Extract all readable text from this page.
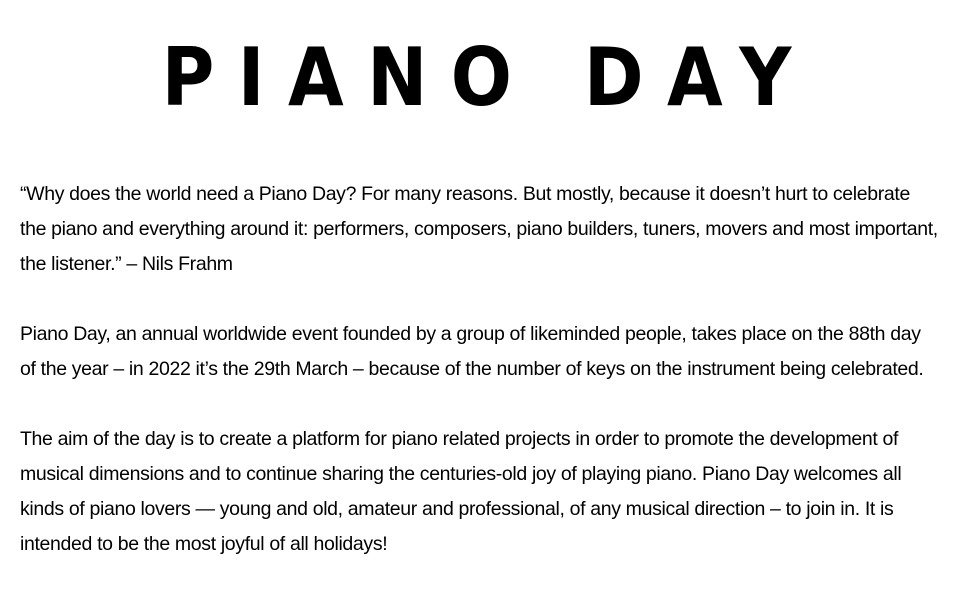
PIANO DAY

“Why does the world need a Piano Day? For many reasons. But mostly, because it doesn’t hurt to celebrate the piano and everything around it: performers, composers, piano builders, tuners, movers and most important, the listener.” – Nils Frahm

Piano Day, an annual worldwide event founded by a group of likeminded people, takes place on the 88th day of the year – in 2022 it’s the 29th March – because of the number of keys on the instrument being celebrated.

The aim of the day is to create a platform for piano related projects in order to promote the development of musical dimensions and to continue sharing the centuries-old joy of playing piano. Piano Day welcomes all kinds of piano lovers — young and old, amateur and professional, of any musical direction – to join in. It is intended to be the most joyful of all holidays!
